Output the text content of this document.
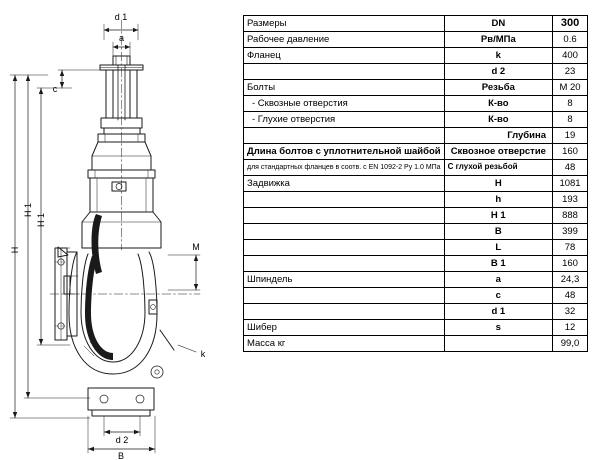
d 1
a
c
H 1
H 1
H	M
k
d 2
B
Размеры	DN	300
Рабочее давление	Pв/МПа	0.6
Фланец	k	400
	d 2	23
Болты	Резьба	M 20
- Сквозные отверстия	К-во	8
- Глухие отверстия	К-во	8
	Глубина	19
Длина болтов с уплотнительной шайбой	Сквозное отверстие	160
для стандартных фланцев в соотв. с EN 1092-2 Pу 1.0 МПа	С глухой резьбой	48
Задвижка	H	1081
	h	193
	H 1	888
	B	399
	L	78
	B 1	160
Шпиндель	a	24,3
	c	48
	d 1	32
Шибер	s	12
Масса кг		99,0
